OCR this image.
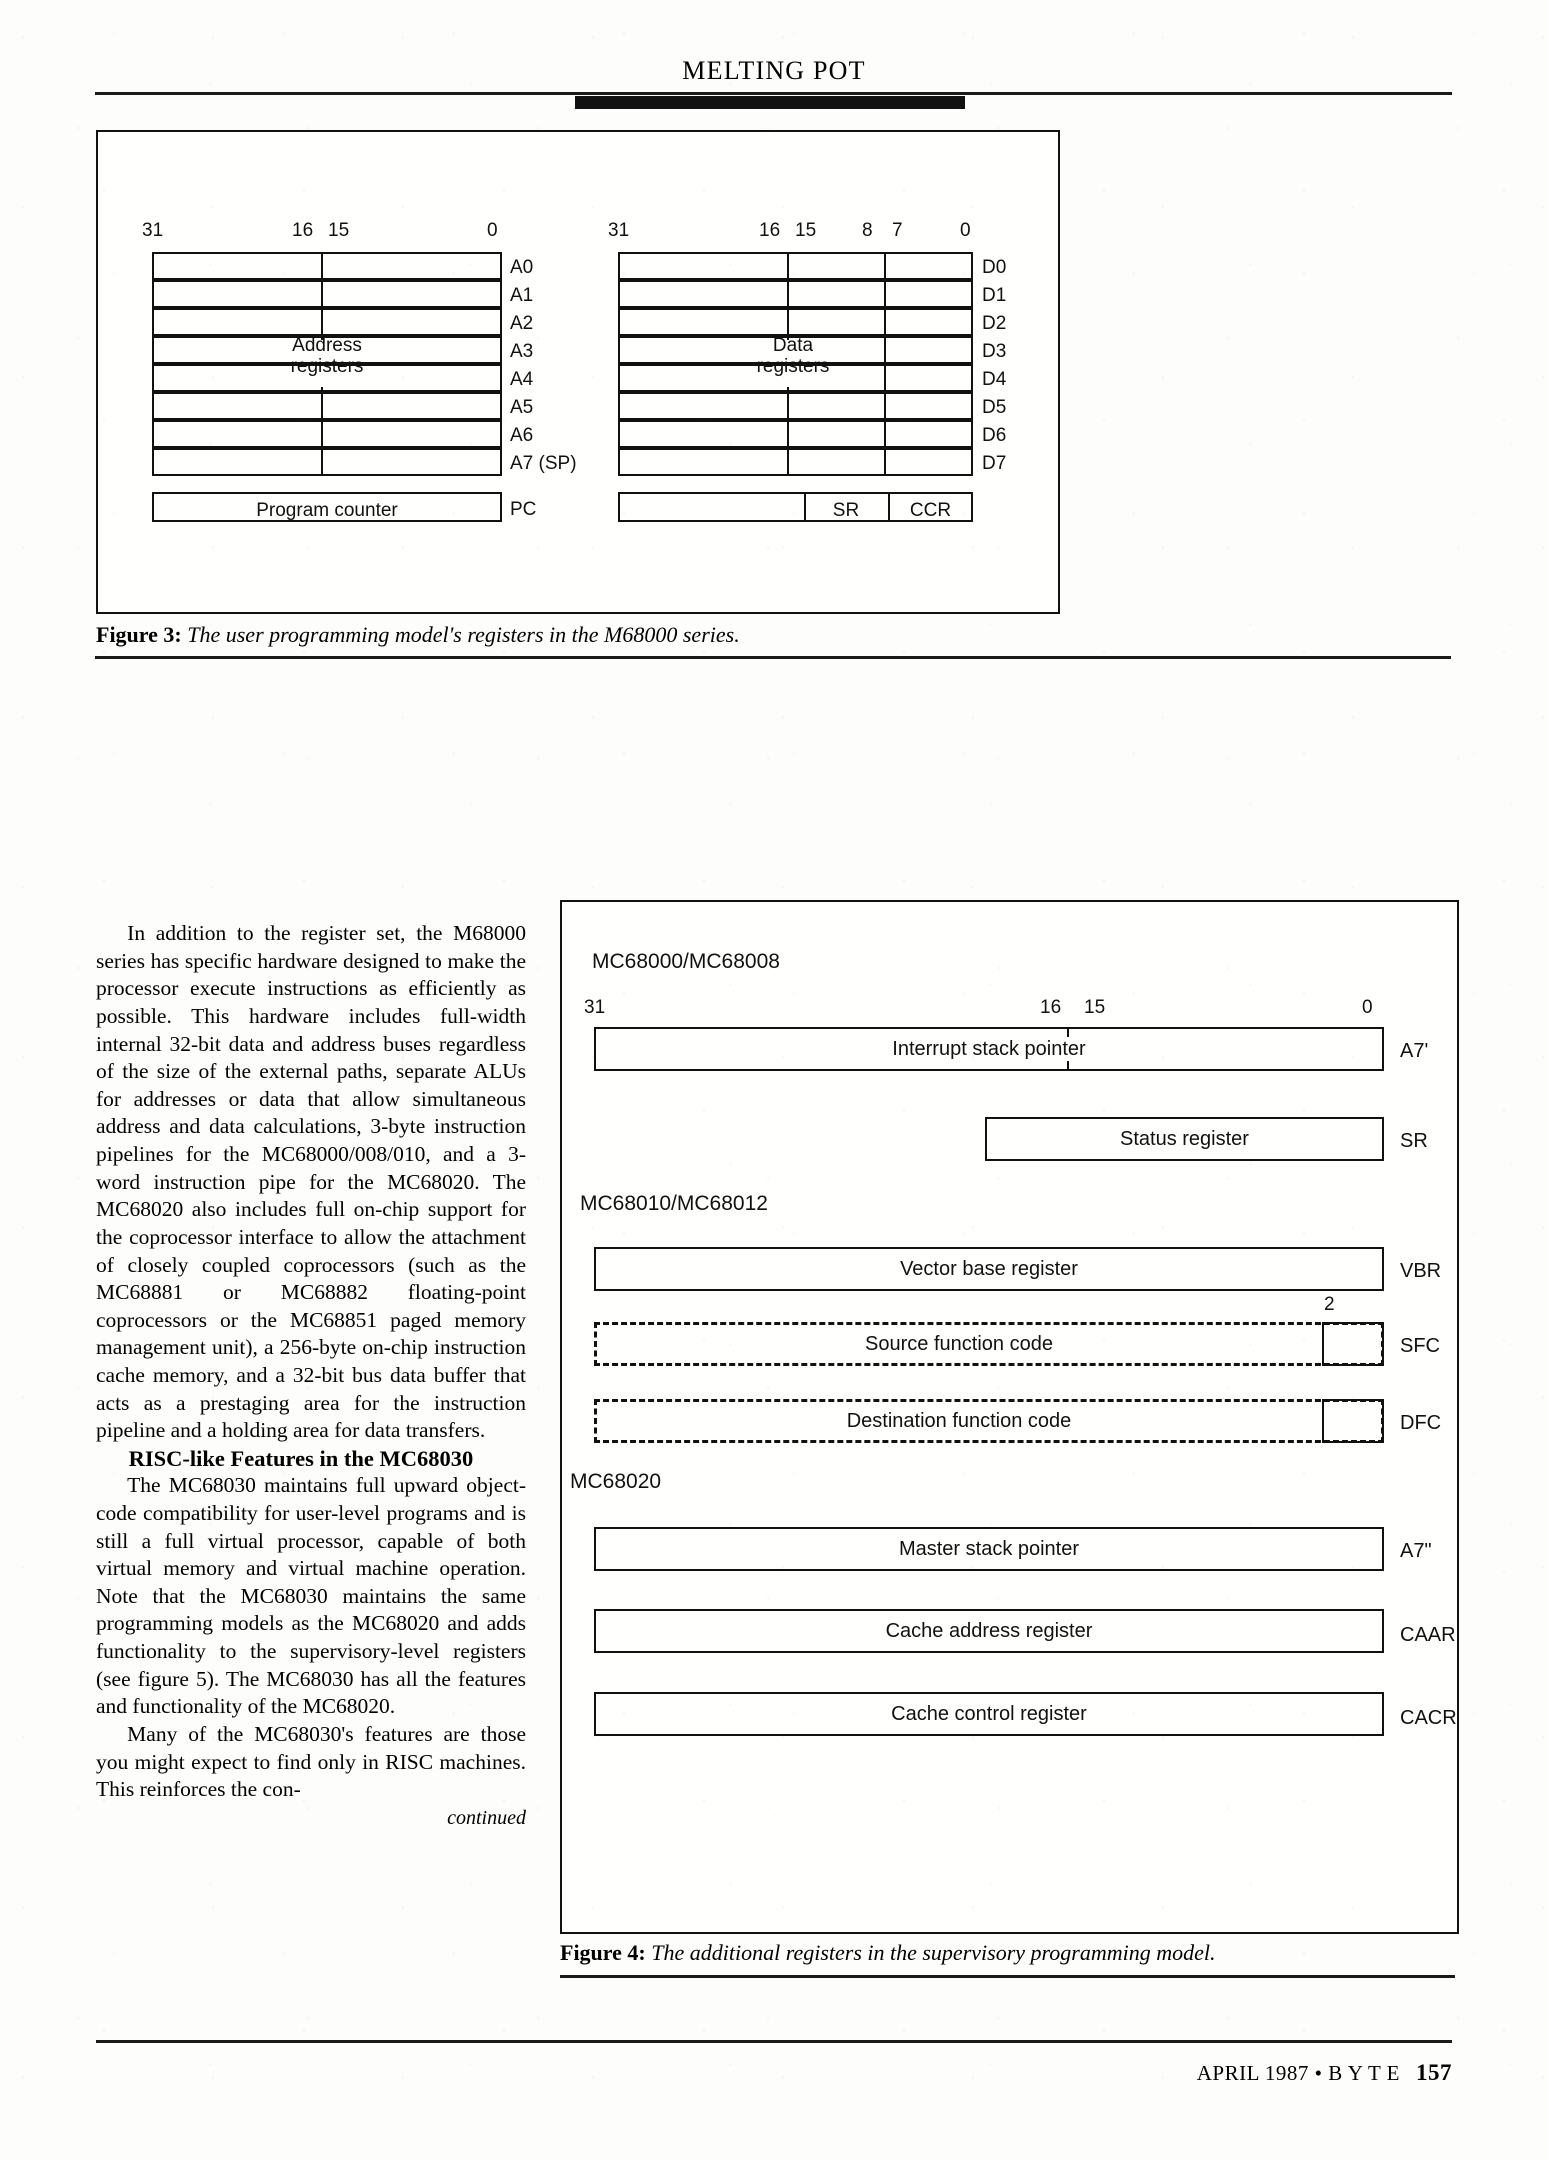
MELTING POT
31	16 15	0
Address
registers
A0
A1
A2
A3
A4
A5
A6
A7 (SP)
Program counter	PC
31	16 15 8 7	0
Data
registers
D0
D1
D2
D3
D4
D5
D6
D7
SR	CCR
Figure 3: The user programming model's registers in the M68000 series.

In addition to the register set, the M68000 series has specific hardware designed to make the processor execute instructions as efficiently as possible. This hardware includes full-width internal 32-bit data and address buses regardless of the size of the external paths, separate ALUs for addresses or data that allow simultaneous address and data calculations, 3-byte instruction pipelines for the MC68000/008/010, and a 3-word instruction pipe for the MC68020. The MC68020 also includes full on-chip support for the coprocessor interface to allow the attachment of closely coupled coprocessors (such as the MC68881 or MC68882 floating-point coprocessors or the MC68851 paged memory management unit), a 256-byte on-chip instruction cache memory, and a 32-bit bus data buffer that acts as a prestaging area for the instruction pipeline and a holding area for data transfers.

RISC-like Features in the MC68030

The MC68030 maintains full upward object-code compatibility for user-level programs and is still a full virtual processor, capable of both virtual memory and virtual machine operation. Note that the MC68030 maintains the same programming models as the MC68020 and adds functionality to the supervisory-level registers (see figure 5). The MC68030 has all the features and functionality of the MC68020.

Many of the MC68030's features are those you might expect to find only in RISC machines. This reinforces the con-

continued
MC68000/MC68008
31	16 15	0
Interrupt stack pointer	A7'
Status register	SR
MC68010/MC68012
Vector base register	VBR
2
Source function code	SFC
Destination function code	DFC
MC68020
Master stack pointer	A7"
Cache address register	CAAR
Cache control register	CACR
Figure 4: The additional registers in the supervisory programming model.
APRIL 1987 • B Y T E 157
